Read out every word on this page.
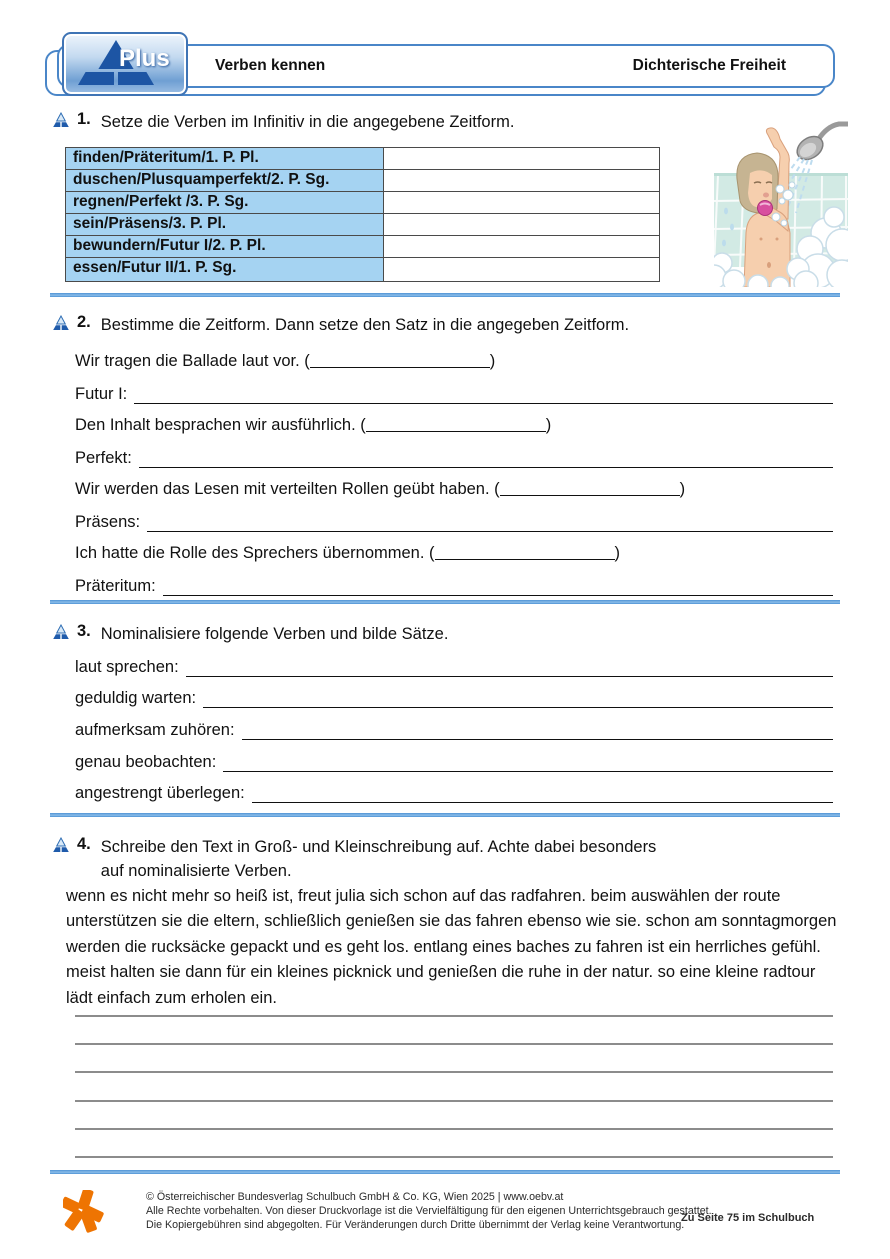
Verben kennen	Dichterische Freiheit
Plus
1. Setze die Verben im Infinitiv in die angegebene Zeitform.
finden/Präteritum/1. P. Pl.
duschen/Plusquamperfekt/2. P. Sg.
regnen/Perfekt /3. P. Sg.
sein/Präsens/3. P. Pl.
bewundern/Futur I/2. P. Pl.
essen/Futur II/1. P. Sg.
2. Bestimme die Zeitform. Dann setze den Satz in die angegeben Zeitform.
Wir tragen die Ballade laut vor. (	)
Futur I:
Den Inhalt besprachen wir ausführlich. (	)
Perfekt:
Wir werden das Lesen mit verteilten Rollen geübt haben. (	)
Präsens:
Ich hatte die Rolle des Sprechers übernommen. (	)
Präteritum:
3. Nominalisiere folgende Verben und bilde Sätze.
laut sprechen:
geduldig warten:
aufmerksam zuhören:
genau beobachten:
angestrengt überlegen:
4. Schreibe den Text in Groß- und Kleinschreibung auf. Achte dabei besonders
auf nominalisierte Verben.
wenn es nicht mehr so heiß ist, freut julia sich schon auf das radfahren. beim auswählen der route unterstützen sie die eltern, schließlich genießen sie das fahren ebenso wie sie. schon am sonntagmorgen werden die rucksäcke gepackt und es geht los. entlang eines baches zu fahren ist ein herrliches gefühl. meist halten sie dann für ein kleines picknick und genießen die ruhe in der natur. so eine kleine radtour lädt einfach zum erholen ein.
© Österreichischer Bundesverlag Schulbuch GmbH & Co. KG, Wien 2025 | www.oebv.at
Alle Rechte vorbehalten. Von dieser Druckvorlage ist die Vervielfältigung für den eigenen Unterrichtsgebrauch gestattet.
Die Kopiergebühren sind abgegolten. Für Veränderungen durch Dritte übernimmt der Verlag keine Verantwortung.
Zu Seite 75 im Schulbuch
